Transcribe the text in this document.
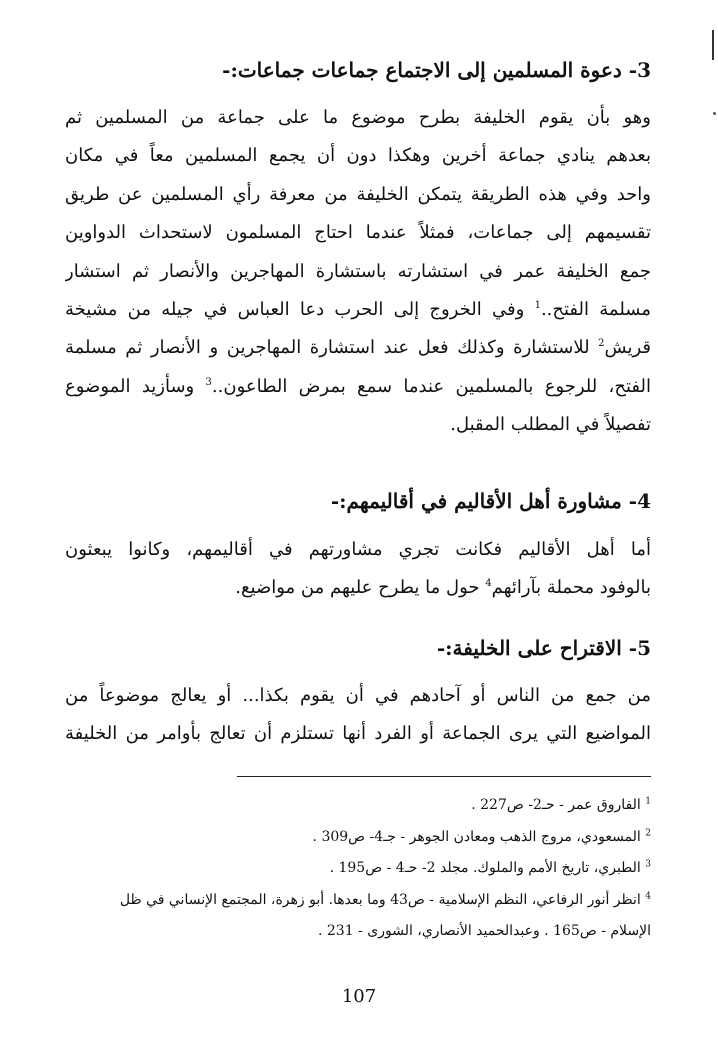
3- دعوة المسلمين إلى الاجتماع جماعات جماعات:-
وهو بأن يقوم الخليفة بطرح موضوع ما على جماعة من المسلمين ثم
بعدهم ينادي جماعة أخرين وهكذا دون أن يجمع المسلمين معاً في مكان
واحد وفي هذه الطريقة يتمكن الخليفة من معرفة رأي المسلمين عن طريق
تقسيمهم إلى جماعات، فمثلاً عندما احتاج المسلمون لاستحداث الدواوين
جمع الخليفة عمر في استشارته باستشارة المهاجرين والأنصار ثم استشار
مسلمة الفتح..$^1$ وفي الخروج إلى الحرب دعا العباس في جيله من مشيخة
قريش$^2$ للاستشارة وكذلك فعل عند استشارة المهاجرين و الأنصار ثم مسلمة
الفتح، للرجوع بالمسلمين عندما سمع بمرض الطاعون..$^3$ وسأزيد الموضوع
تفصيلاً في المطلب المقبل.
4- مشاورة أهل الأقاليم في أقاليمهم:-
أما أهل الأقاليم فكانت تجري مشاورتهم في أقاليمهم، وكانوا يبعثون
بالوفود محملة بآرائهم$^4$ حول ما يطرح عليهم من مواضيع.
5- الاقتراح على الخليفة:-
من جمع من الناس أو آحادهم في أن يقوم بكذا... أو يعالج موضوعاً من
المواضيع التي يرى الجماعة أو الفرد أنها تستلزم أن تعالج بأوامر من الخليفة
$^1$ الفاروق عمر - حـ2- ص227 .
$^2$ المسعودي، مروج الذهب ومعادن الجوهر - جـ4- ص309 .
$^3$ الطبري، تاريخ الأمم والملوك. مجلد 2- حـ4 - ص195 .
$^4$ انظر أنور الرفاعي، النظم الإسلامية - ص43 وما بعدها. أبو زهرة، المجتمع الإنساني في ظل
الإسلام - ص165 . وعبدالحميد الأنصاري، الشورى - 231 .
107
